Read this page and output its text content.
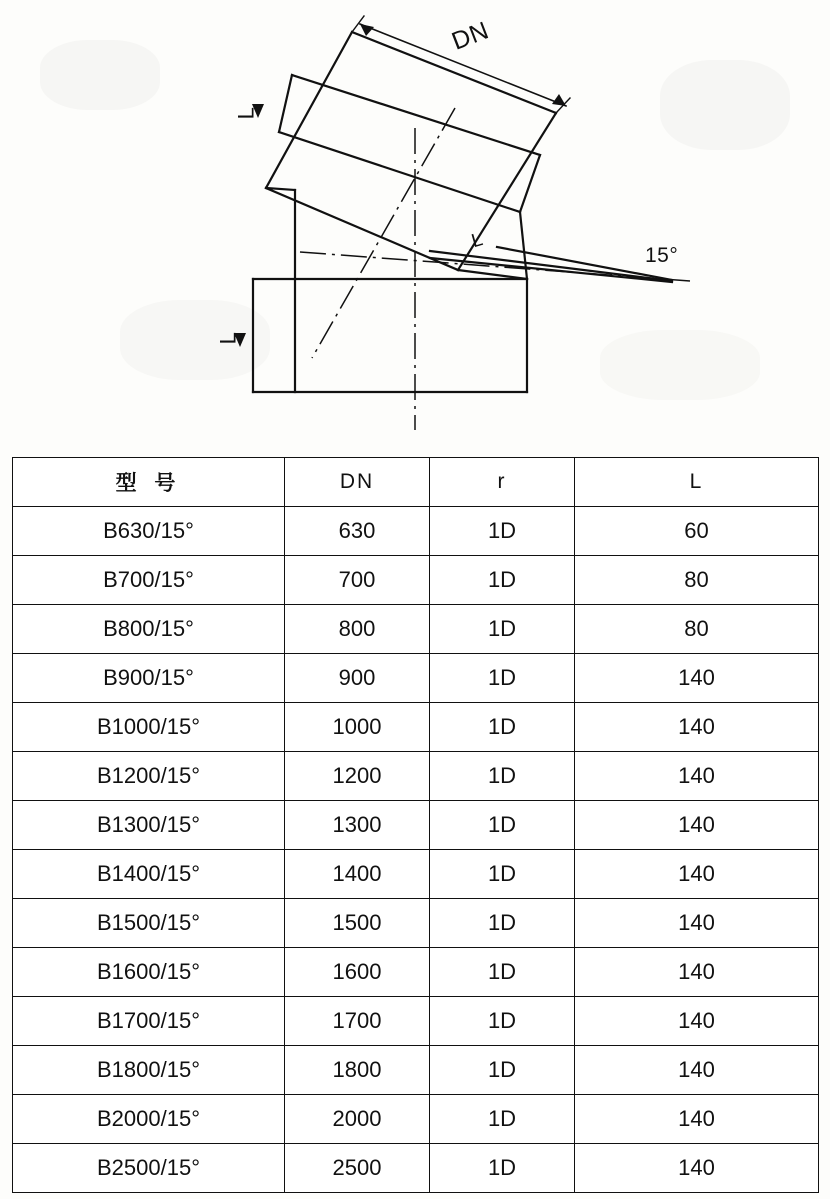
DN
L
L
L
15°
型 号	DN	r	L
B630/15°	630	1D	60
B700/15°	700	1D	80
B800/15°	800	1D	80
B900/15°	900	1D	140
B1000/15°	1000	1D	140
B1200/15°	1200	1D	140
B1300/15°	1300	1D	140
B1400/15°	1400	1D	140
B1500/15°	1500	1D	140
B1600/15°	1600	1D	140
B1700/15°	1700	1D	140
B1800/15°	1800	1D	140
B2000/15°	2000	1D	140
B2500/15°	2500	1D	140
